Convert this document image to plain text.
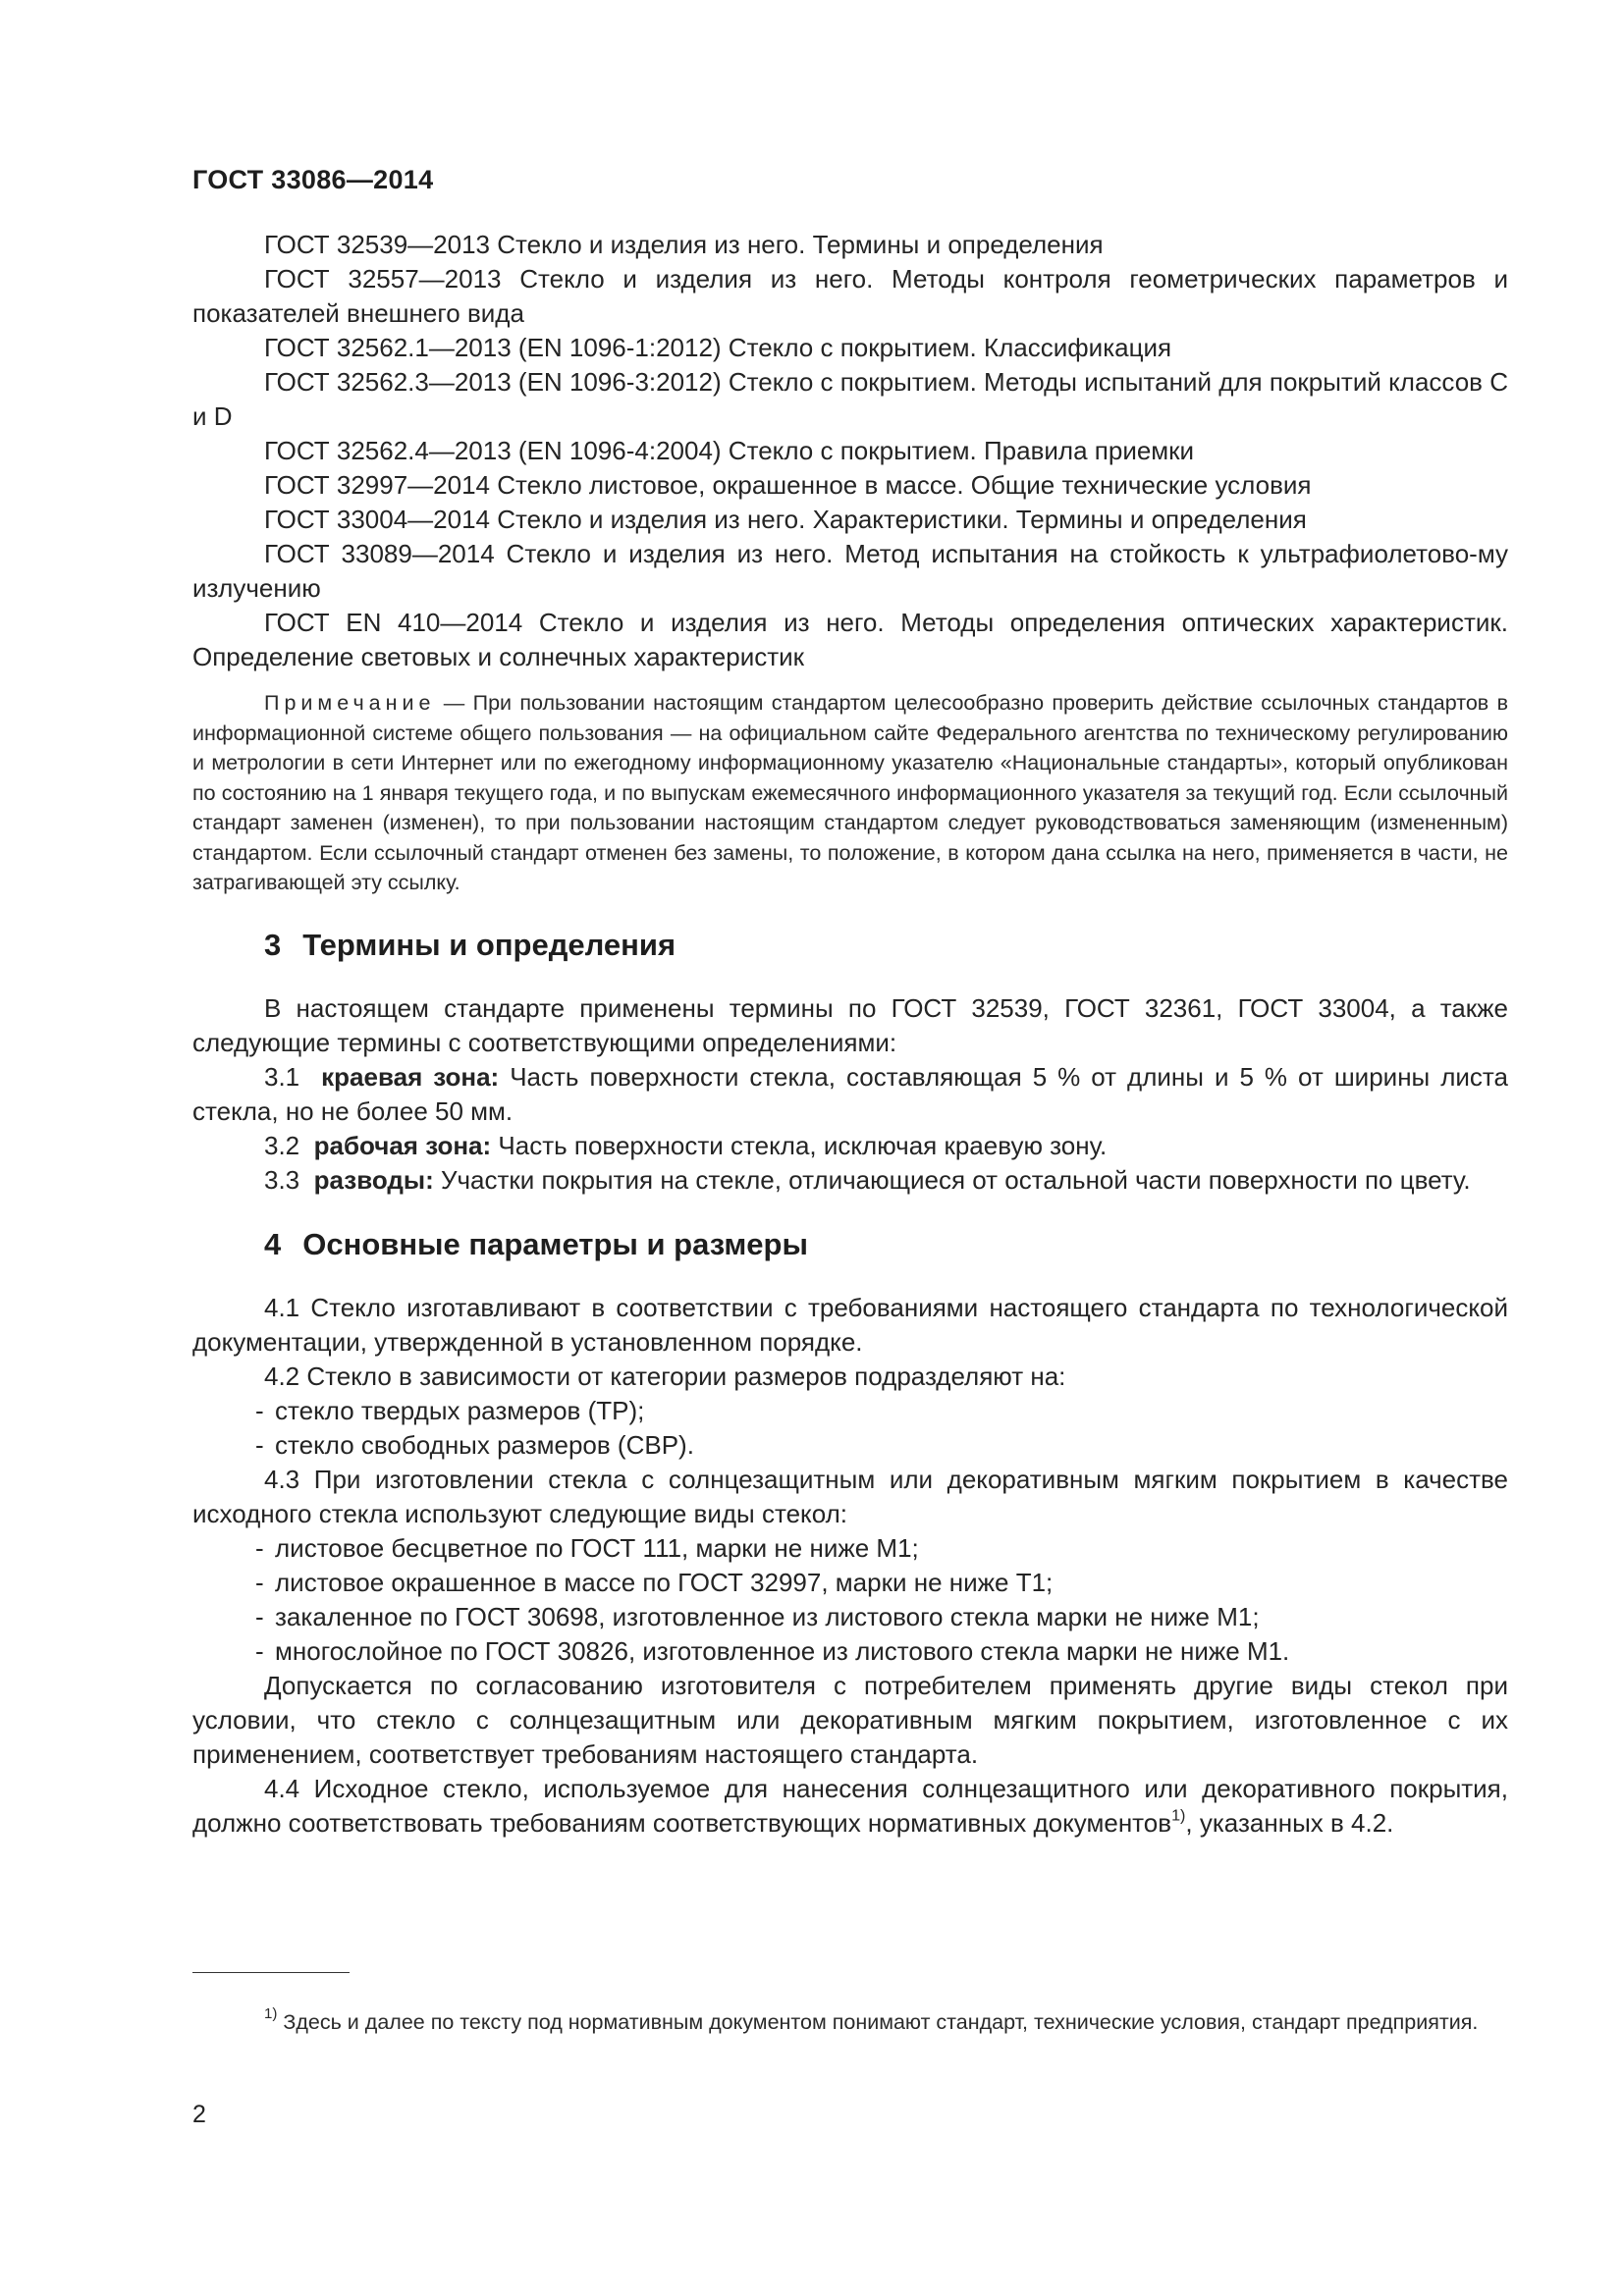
ГОСТ 33086—2014

ГОСТ 32539—2013 Стекло и изделия из него. Термины и определения

ГОСТ 32557—2013 Стекло и изделия из него. Методы контроля геометрических параметров и показателей внешнего вида

ГОСТ 32562.1—2013 (EN 1096-1:2012) Стекло с покрытием. Классификация

ГОСТ 32562.3—2013 (EN 1096-3:2012) Стекло с покрытием. Методы испытаний для покрытий классов C и D

ГОСТ 32562.4—2013 (EN 1096-4:2004) Стекло с покрытием. Правила приемки

ГОСТ 32997—2014 Стекло листовое, окрашенное в массе. Общие технические условия

ГОСТ 33004—2014 Стекло и изделия из него. Характеристики. Термины и определения

ГОСТ 33089—2014 Стекло и изделия из него. Метод испытания на стойкость к ультрафиолетово-му излучению

ГОСТ EN 410—2014 Стекло и изделия из него. Методы определения оптических характеристик. Определение световых и солнечных характеристик

Примечание — При пользовании настоящим стандартом целесообразно проверить действие ссылочных стандартов в информационной системе общего пользования — на официальном сайте Федерального агентства по техническому регулированию и метрологии в сети Интернет или по ежегодному информационному указателю «Национальные стандарты», который опубликован по состоянию на 1 января текущего года, и по выпускам ежемесячного информационного указателя за текущий год. Если ссылочный стандарт заменен (изменен), то при пользовании настоящим стандартом следует руководствоваться заменяющим (измененным) стандартом. Если ссылочный стандарт отменен без замены, то положение, в котором дана ссылка на него, применяется в части, не затрагивающей эту ссылку.

3 Термины и определения

В настоящем стандарте применены термины по ГОСТ 32539, ГОСТ 32361, ГОСТ 33004, а также следующие термины с соответствующими определениями:

3.1 краевая зона: Часть поверхности стекла, составляющая 5 % от длины и 5 % от ширины листа стекла, но не более 50 мм.

3.2 рабочая зона: Часть поверхности стекла, исключая краевую зону.

3.3 разводы: Участки покрытия на стекле, отличающиеся от остальной части поверхности по цвету.

4 Основные параметры и размеры

4.1 Стекло изготавливают в соответствии с требованиями настоящего стандарта по технологической документации, утвержденной в установленном порядке.

4.2 Стекло в зависимости от категории размеров подразделяют на:

- стекло твердых размеров (ТР);

- стекло свободных размеров (СВР).

4.3 При изготовлении стекла с солнцезащитным или декоративным мягким покрытием в качестве исходного стекла используют следующие виды стекол:

- листовое бесцветное по ГОСТ 111, марки не ниже М1;

- листовое окрашенное в массе по ГОСТ 32997, марки не ниже Т1;

- закаленное по ГОСТ 30698, изготовленное из листового стекла марки не ниже М1;

- многослойное по ГОСТ 30826, изготовленное из листового стекла марки не ниже М1.

Допускается по согласованию изготовителя с потребителем применять другие виды стекол при условии, что стекло с солнцезащитным или декоративным мягким покрытием, изготовленное с их применением, соответствует требованиям настоящего стандарта.

4.4 Исходное стекло, используемое для нанесения солнцезащитного или декоративного покрытия, должно соответствовать требованиям соответствующих нормативных документов$^{1)}$, указанных в 4.2.

$^{1)}$ Здесь и далее по тексту под нормативным документом понимают стандарт, технические условия, стандарт предприятия.

2
